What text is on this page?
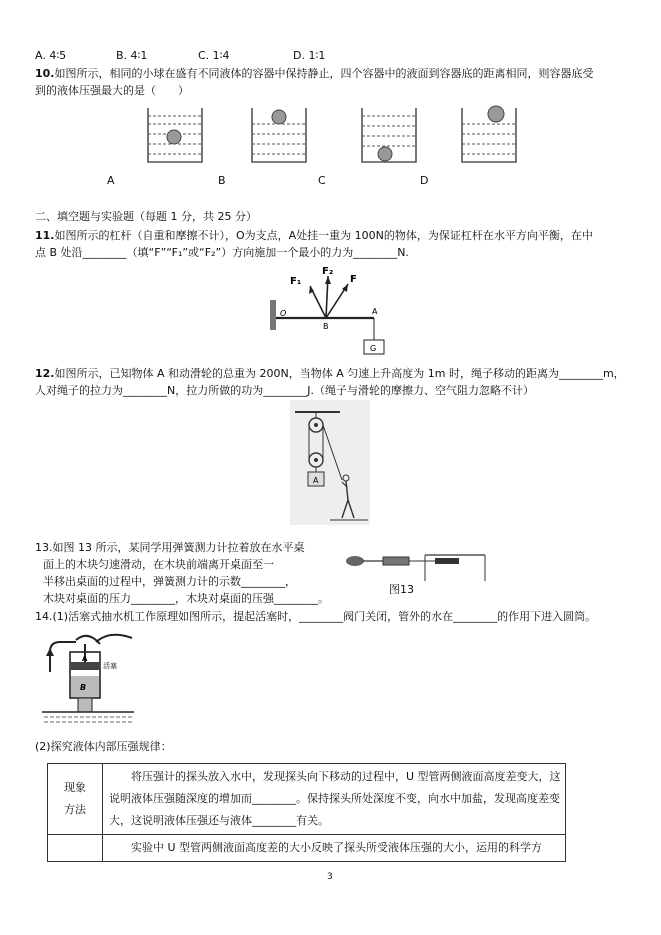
A. 4∶5	B. 4∶1	C. 1∶4	D. 1∶1
10.如图所示，相同的小球在盛有不同液体的容器中保持静止，四个容器中的液面到容器底的距离相同，则容器底受
到的液体压强最大的是（　　）
A	B	C	D
二、填空题与实验题（每题 1 分，共 25 分）
11.如图所示的杠杆（自重和摩擦不计），O为支点，A处挂一重为 100N的物体，为保证杠杆在水平方向平衡，在中
点 B 处沿________（填“F”“F₁”或“F₂”）方向施加一个最小的力为________N.
F₁
F₂
F
O	A
B
G
12.如图所示，已知物体 A 和动滑轮的总重为 200N，当物体 A 匀速上升高度为 1m 时，绳子移动的距离为________m，
人对绳子的拉力为________N，拉力所做的功为________J.（绳子与滑轮的摩擦力、空气阻力忽略不计）
A
13.如图 13 所示，某同学用弹簧测力计拉着放在水平桌
面上的木块匀速滑动，在木块前端离开桌面至一
半移出桌面的过程中，弹簧测力计的示数________，
木块对桌面的压力________，木块对桌面的压强________。
图13
14.(1)活塞式抽水机工作原理如图所示，提起活塞时，________阀门关闭，管外的水在________的作用下进入圆筒。
B
A
活塞
(2)探究液体内部压强规律：
现象
方法	将压强计的探头放入水中，发现探头向下移动的过程中，U 型管两侧液面高度差变大，这说明液体压强随深度的增加而________。保持探头所处深度不变，向水中加盐，发现高度差变大，这说明液体压强还与液体________有关。
	实验中 U 型管两侧液面高度差的大小反映了探头所受液体压强的大小，运用的科学方
3
